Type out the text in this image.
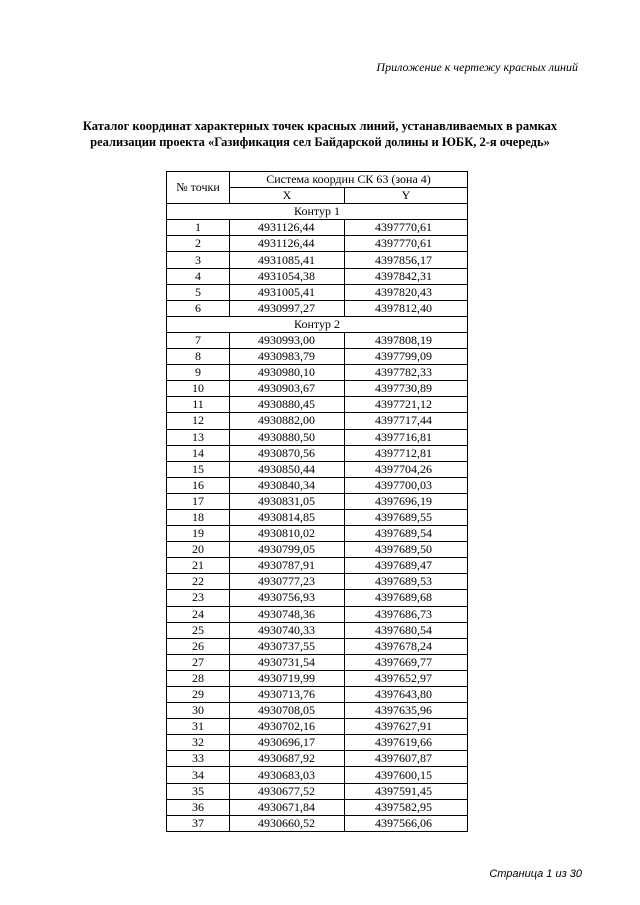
Приложение к чертежу красных линий
Каталог координат характерных точек красных линий, устанавливаемых в рамках
реализации проекта «Газификация сел Байдарской долины и ЮБК, 2-я очередь»
№ точки	Система координ СК 63 (зона 4)	
	X	Y
Контур 1		
1	4931126,44	4397770,61
2	4931126,44	4397770,61
3	4931085,41	4397856,17
4	4931054,38	4397842,31
5	4931005,41	4397820,43
6	4930997,27	4397812,40
Контур 2		
7	4930993,00	4397808,19
8	4930983,79	4397799,09
9	4930980,10	4397782,33
10	4930903,67	4397730,89
11	4930880,45	4397721,12
12	4930882,00	4397717,44
13	4930880,50	4397716,81
14	4930870,56	4397712,81
15	4930850,44	4397704,26
16	4930840,34	4397700,03
17	4930831,05	4397696,19
18	4930814,85	4397689,55
19	4930810,02	4397689,54
20	4930799,05	4397689,50
21	4930787,91	4397689,47
22	4930777,23	4397689,53
23	4930756,93	4397689,68
24	4930748,36	4397686,73
25	4930740,33	4397680,54
26	4930737,55	4397678,24
27	4930731,54	4397669,77
28	4930719,99	4397652,97
29	4930713,76	4397643,80
30	4930708,05	4397635,96
31	4930702,16	4397627,91
32	4930696,17	4397619,66
33	4930687,92	4397607,87
34	4930683,03	4397600,15
35	4930677,52	4397591,45
36	4930671,84	4397582,95
37	4930660,52	4397566,06
Страница 1 из 30
